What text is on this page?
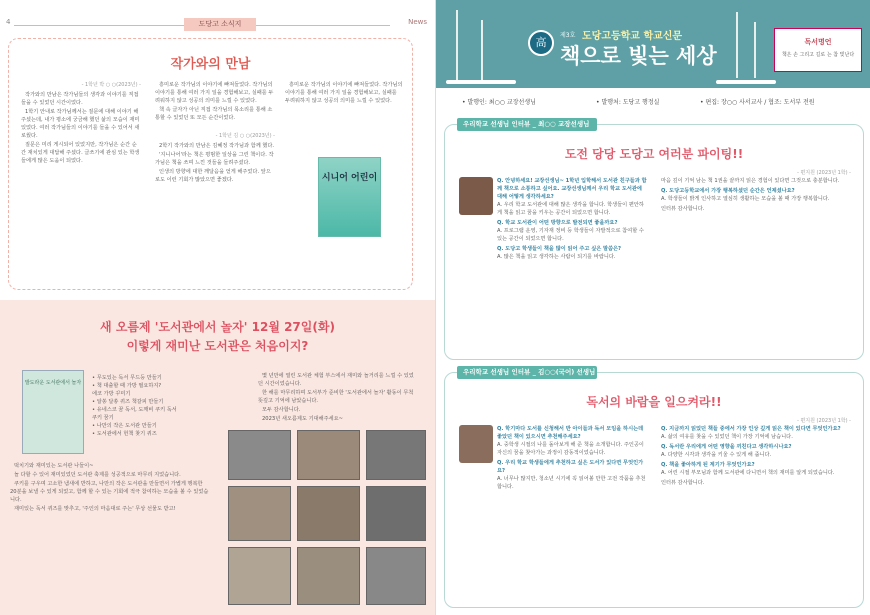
4	도당고 소식지	News
작가와의 만남
- 1학년 박 ○ ○(2023년) -

작가와의 만남은 작가님들의 생각과 이야기를 직접 들을 수 있었던 시간이었다.

1학기 안내로 작가님께서는 질문에 대해 이야기 해 주셨는데, 내가 평소에 궁금해 했던 삶의 모습이 재미있었다. 여러 작가님들의 이야기를 들을 수 있어서 새로웠다.

질문은 미리 게시되어 있었지만, 작가님은 순간 순간 재치있게 대답해 주셨다. 글쓰기에 관심 있는 학생들에게 많은 도움이 되었다.

흥미로운 작가님의 이야기에 빠져들었다. 작가님의 이야기를 통해 여러 가지 일을 경험해보고, 실패를 두려워하지 않고 성공의 의미를 느낄 수 있었다.

책 속 글자가 아닌 직접 작가님의 목소리를 통해 소통할 수 있었던 또 모든 순간이었다.

- 1학년 김 ○ ○(2023년) -

2학기 작가와의 만남은 김혜정 작가님과 함께 했다.

'지니나어'라는 책은 평범한 일상을 그린 책이다. 작가님은 책을 쓰며 느낀 것들을 들려주셨다.

인생의 방향에 대한 깨달음을 얻게 해주었다. 앞으로도 이런 기회가 많았으면 좋겠다.

흥미로운 작가님의 이야기에 빠져들었다. 작가님의 이야기를 통해 여러 가지 일을 경험해보고, 실패를 두려워하지 않고 성공의 의미를 느낄 수 있었다.

시니어 어린이
새 오름제 '도서관에서 놀자' 12월 27일(화)
이렇게 재미난 도서관은 처음이지?
발도라운 도서관에서 놀자
• 무도있는 독서 무드등 만들기
• 책 대출할 때 가방 필요하지?
에코 가방 꾸미기
• 알쏭 달쏭 퀴즈 책갈피 만들기
• 유네스코 꿈 독서, 도깨비 쿠키 독서
쿠키 꿈기
• 나만의 작은 도서관 만들기
• 도서관에서 헌책 찾기 퀴즈

몇 년만에 열린 도서관 체험 부스에서 재미와 놀거리를 느낄 수 있었던 시간이었습니다.

한 해를 마무리하며 도서부가 준비한 '도서관에서 놀자' 활동이 무척 뜻깊고 기억에 남았습니다.

모두 감사합니다.

2023년 새오름제도 기대해주세요~

떡치기와 재미있는 도서관 나들이~

놀 다할 수 있어 재미있었던 도서관 축제를 성공적으로 마무리 지었습니다.

쿠키를 구우며 고소한 냄새에 반하고, 나만의 작은 도서관을 만들면서 가볍게 행복한 20분을 보낼 수 있게 되었고, 함께 할 수 있는 기회에 적극 참여하는 모습을 볼 수 있었습니다.

재미있는 독서 퀴즈를 맞추고, '주인의 마음대로 주는' 무상 선물도 받고!

高
제3호 도당고등학교 학교신문
책으로 빛는 세상
독서명언
책은 손 그리고 길로 는 참 빛난다
• 발행인: 최○○ 교장선생님	• 발행처: 도당고 행정실	• 편집: 장○○ 사서교사 / 협조: 도서부 전원
우리학교 선생님 인터뷰 _ 최○○ 교장선생님
도전 당당 도당고 여러분 파이팅!!
- 편지원 (2023년 1학) -

Q. 안녕하세요! 교장선생님~ 1학년 입학해서 도서관 친구들과 함께 책으로 소통하고 싶어요. 교장선생님께서 우리 학교 도서관에 대해 어떻게 생각하세요?
A. 우리 학교 도서관에 대해 많은 생각을 합니다. 학생들이 편안하게 책을 읽고 꿈을 키우는 공간이 되었으면 합니다.

Q. 학교 도서관이 어떤 방향으로 발전되면 좋을까요?
A. 프로그램 운영, 기자재 정비 등 학생들이 자발적으로 참여할 수 있는 공간이 되었으면 합니다.

Q. 도당고 학생들이 책을 많이 읽어 주고 싶은 말씀은?
A. 많은 책을 읽고 생각하는 사람이 되기를 바랍니다.

마음 깊이 기억 남는 책 1권을 끝까지 읽은 경험이 있다면 그것으로 충분합니다.

Q. 도당고등학교에서 가장 행복하셨던 순간은 언제셨나요?
A. 학생들이 밝게 인사하고 열심히 생활하는 모습을 볼 때 가장 행복합니다.

인터뷰 감사합니다.

우리학교 선생님 인터뷰 _ 김○○(국어) 선생님
독서의 바람을 일으켜라!!
- 편지원 (2023년 1학) -

Q. 학기마다 도서를 신청해서 반 아이들과 독서 모임을 하시는데 좋았던 책이 있으시면 추천해주세요?
A. 중학생 시절의 나를 돌아보게 해 준 책을 소개합니다. 주인공이 자신의 꿈을 찾아가는 과정이 감동적이었습니다.

Q. 우리 학교 학생들에게 추천하고 싶은 도서가 있다면 무엇인가요?
A. 너무나 많지만, 청소년 시기에 꼭 읽어볼 만한 고전 작품을 추천합니다.

Q. 지금까지 읽었던 책들 중에서 가장 인상 깊게 읽은 책이 있다면 무엇인가요?
A. 삶의 여유를 찾을 수 있었던 책이 가장 기억에 남습니다.

Q. 독서란 우리에게 어떤 영향을 끼친다고 생각하시나요?
A. 다양한 시각과 생각을 키울 수 있게 해 줍니다.

Q. 책을 좋아하게 된 계기가 무엇인가요?
A. 어린 시절 부모님과 함께 도서관에 다니면서 책의 재미를 알게 되었습니다.

인터뷰 감사합니다.
